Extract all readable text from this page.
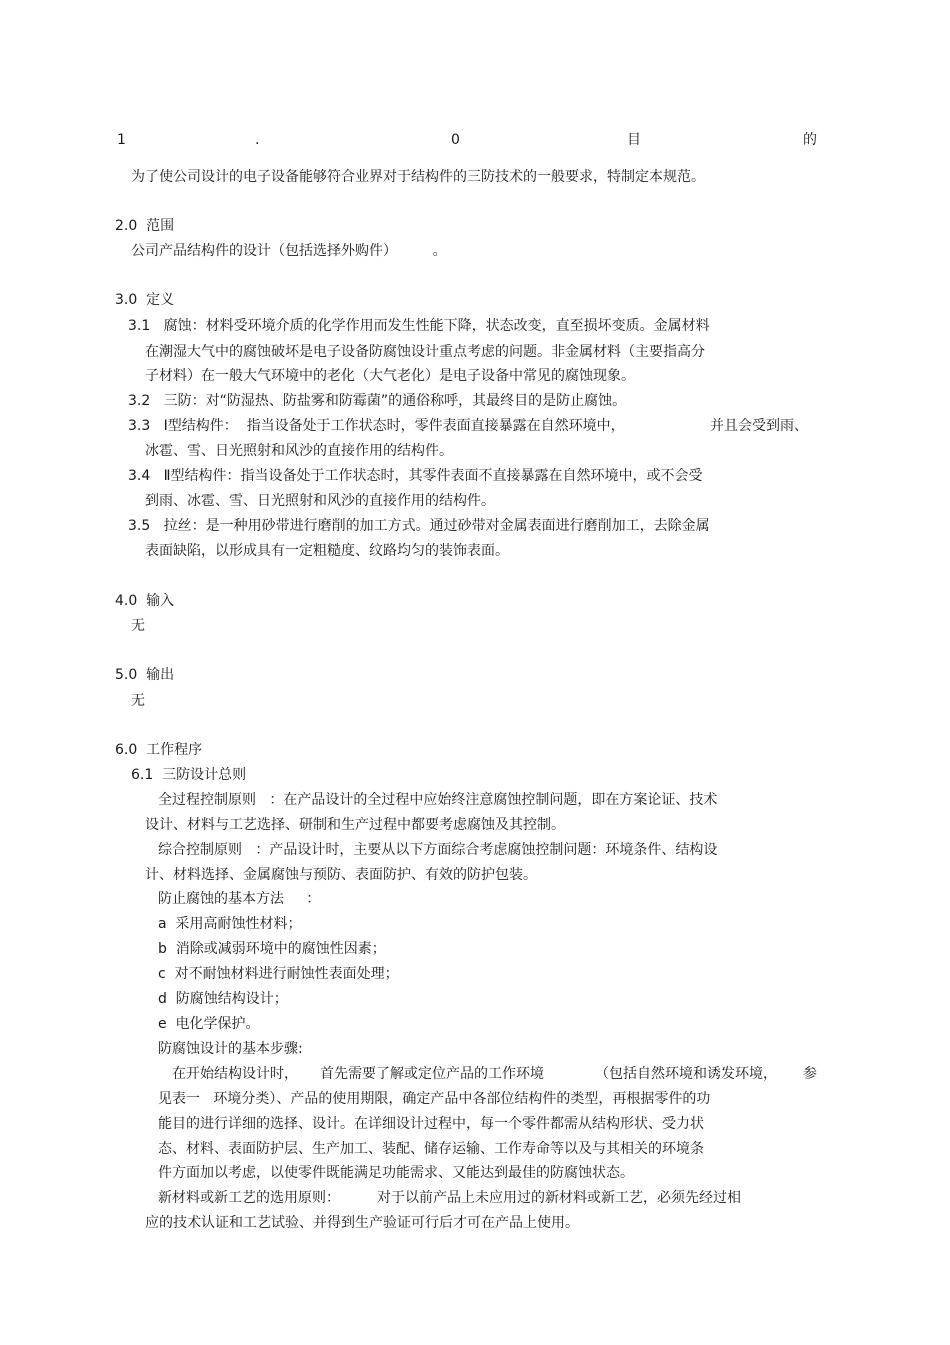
1	.	0	目	的
为了使公司设计的电子设备能够符合业界对于结构件的三防技术的一般要求，特制定本规范。
2.0  范围
公司产品结构件的设计（包括选择外购件）        。
3.0  定义
3.1   腐蚀：材料受环境介质的化学作用而发生性能下降，状态改变，直至损坏变质。金属材料
在潮湿大气中的腐蚀破坏是电子设备防腐蚀设计重点考虑的问题。非金属材料（主要指高分
子材料）在一般大气环境中的老化（大气老化）是电子设备中常见的腐蚀现象。
3.2   三防：对“防湿热、防盐雾和防霉菌”的通俗称呼，其最终目的是防止腐蚀。
3.3   Ⅰ型结构件：  指当设备处于工作状态时，零件表面直接暴露在自然环境中，	并且会受到雨、
冰雹、雪、日光照射和风沙的直接作用的结构件。
3.4   Ⅱ型结构件：指当设备处于工作状态时，其零件表面不直接暴露在自然环境中，或不会受
到雨、冰雹、雪、日光照射和风沙的直接作用的结构件。
3.5   拉丝：是一种用砂带进行磨削的加工方式。通过砂带对金属表面进行磨削加工，去除金属
表面缺陷，以形成具有一定粗糙度、纹路均匀的装饰表面。
4.0  输入
无
5.0  输出
无
6.0  工作程序
6.1  三防设计总则
全过程控制原则   ：在产品设计的全过程中应始终注意腐蚀控制问题，即在方案论证、技术
设计、材料与工艺选择、研制和生产过程中都要考虑腐蚀及其控制。
综合控制原则   ：产品设计时，主要从以下方面综合考虑腐蚀控制问题：环境条件、结构设
计、材料选择、金属腐蚀与预防、表面防护、有效的防护包装。
防止腐蚀的基本方法     ：
a  采用高耐蚀性材料；
b  消除或减弱环境中的腐蚀性因素；
c  对不耐蚀材料进行耐蚀性表面处理；
d  防腐蚀结构设计；
e  电化学保护。
防腐蚀设计的基本步骤:
在开始结构设计时， 首先需要了解或定位产品的工作环境	（包括自然环境和诱发环境， 参
见表一   环境分类）、产品的使用期限，确定产品中各部位结构件的类型，再根据零件的功
能目的进行详细的选择、设计。在详细设计过程中，每一个零件都需从结构形状、受力状
态、材料、表面防护层、生产加工、装配、储存运输、工作寿命等以及与其相关的环境条
件方面加以考虑，以使零件既能满足功能需求、又能达到最佳的防腐蚀状态。
新材料或新工艺的选用原则：	对于以前产品上未应用过的新材料或新工艺，必须先经过相
应的技术认证和工艺试验、并得到生产验证可行后才可在产品上使用。
